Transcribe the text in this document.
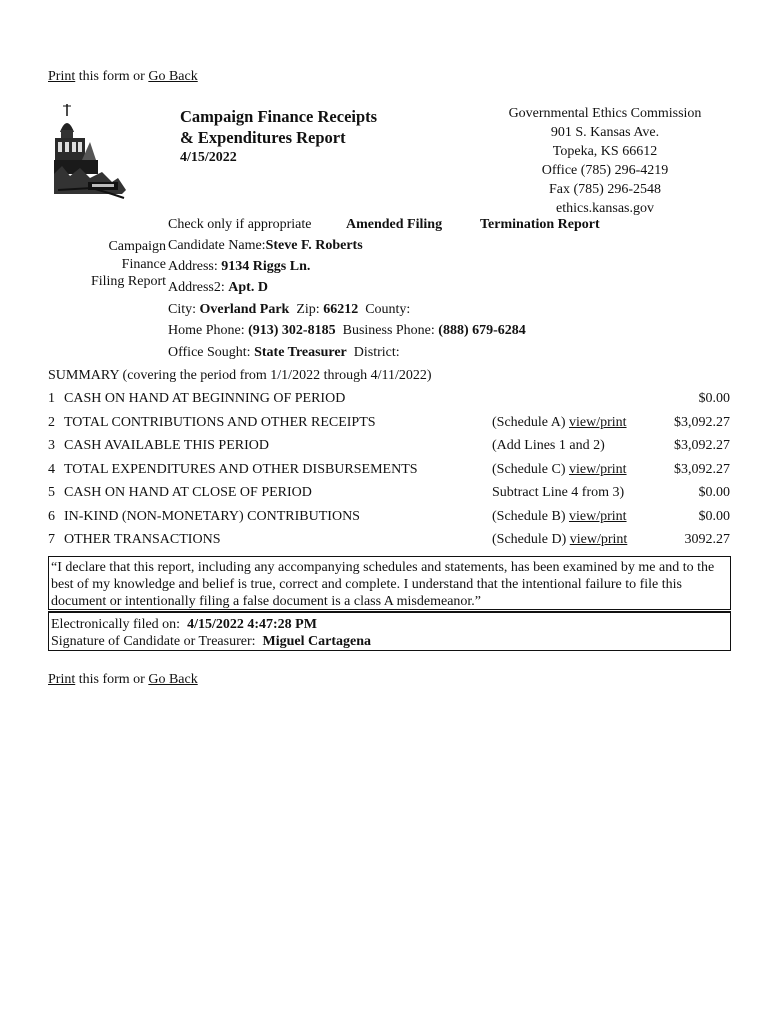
Print this form or Go Back
Campaign Finance Receipts
& Expenditures Report
4/15/2022
Governmental Ethics Commission
901 S. Kansas Ave.
Topeka, KS 66612
Office (785) 296-4219
Fax (785) 296-2548
ethics.kansas.gov
Check only if appropriate Amended Filing	Termination Report
Campaign
Finance
Filing Report
Candidate Name:Steve F. Roberts
Address: 9134 Riggs Ln.
Address2: Apt. D
City: Overland Park  Zip: 66212  County:
Home Phone: (913) 302-8185  Business Phone: (888) 679-6284
Office Sought: State Treasurer  District:
SUMMARY (covering the period from 1/1/2022 through 4/11/2022)
1 CASH ON HAND AT BEGINNING OF PERIOD	$0.00
2 TOTAL CONTRIBUTIONS AND OTHER RECEIPTS	(Schedule A) view/print	$3,092.27
3 CASH AVAILABLE THIS PERIOD	(Add Lines 1 and 2)	$3,092.27
4 TOTAL EXPENDITURES AND OTHER DISBURSEMENTS	(Schedule C) view/print	$3,092.27
5 CASH ON HAND AT CLOSE OF PERIOD	Subtract Line 4 from 3)	$0.00
6 IN-KIND (NON-MONETARY) CONTRIBUTIONS	(Schedule B) view/print	$0.00
7 OTHER TRANSACTIONS	(Schedule D) view/print	3092.27
“I declare that this report, including any accompanying schedules and statements, has been examined by me and to the best of my knowledge and belief is true, correct and complete. I understand that the intentional failure to file this document or intentionally filing a false document is a class A misdemeanor.”
Electronically filed on:  4/15/2022 4:47:28 PM
Signature of Candidate or Treasurer:  Miguel Cartagena
Print this form or Go Back
